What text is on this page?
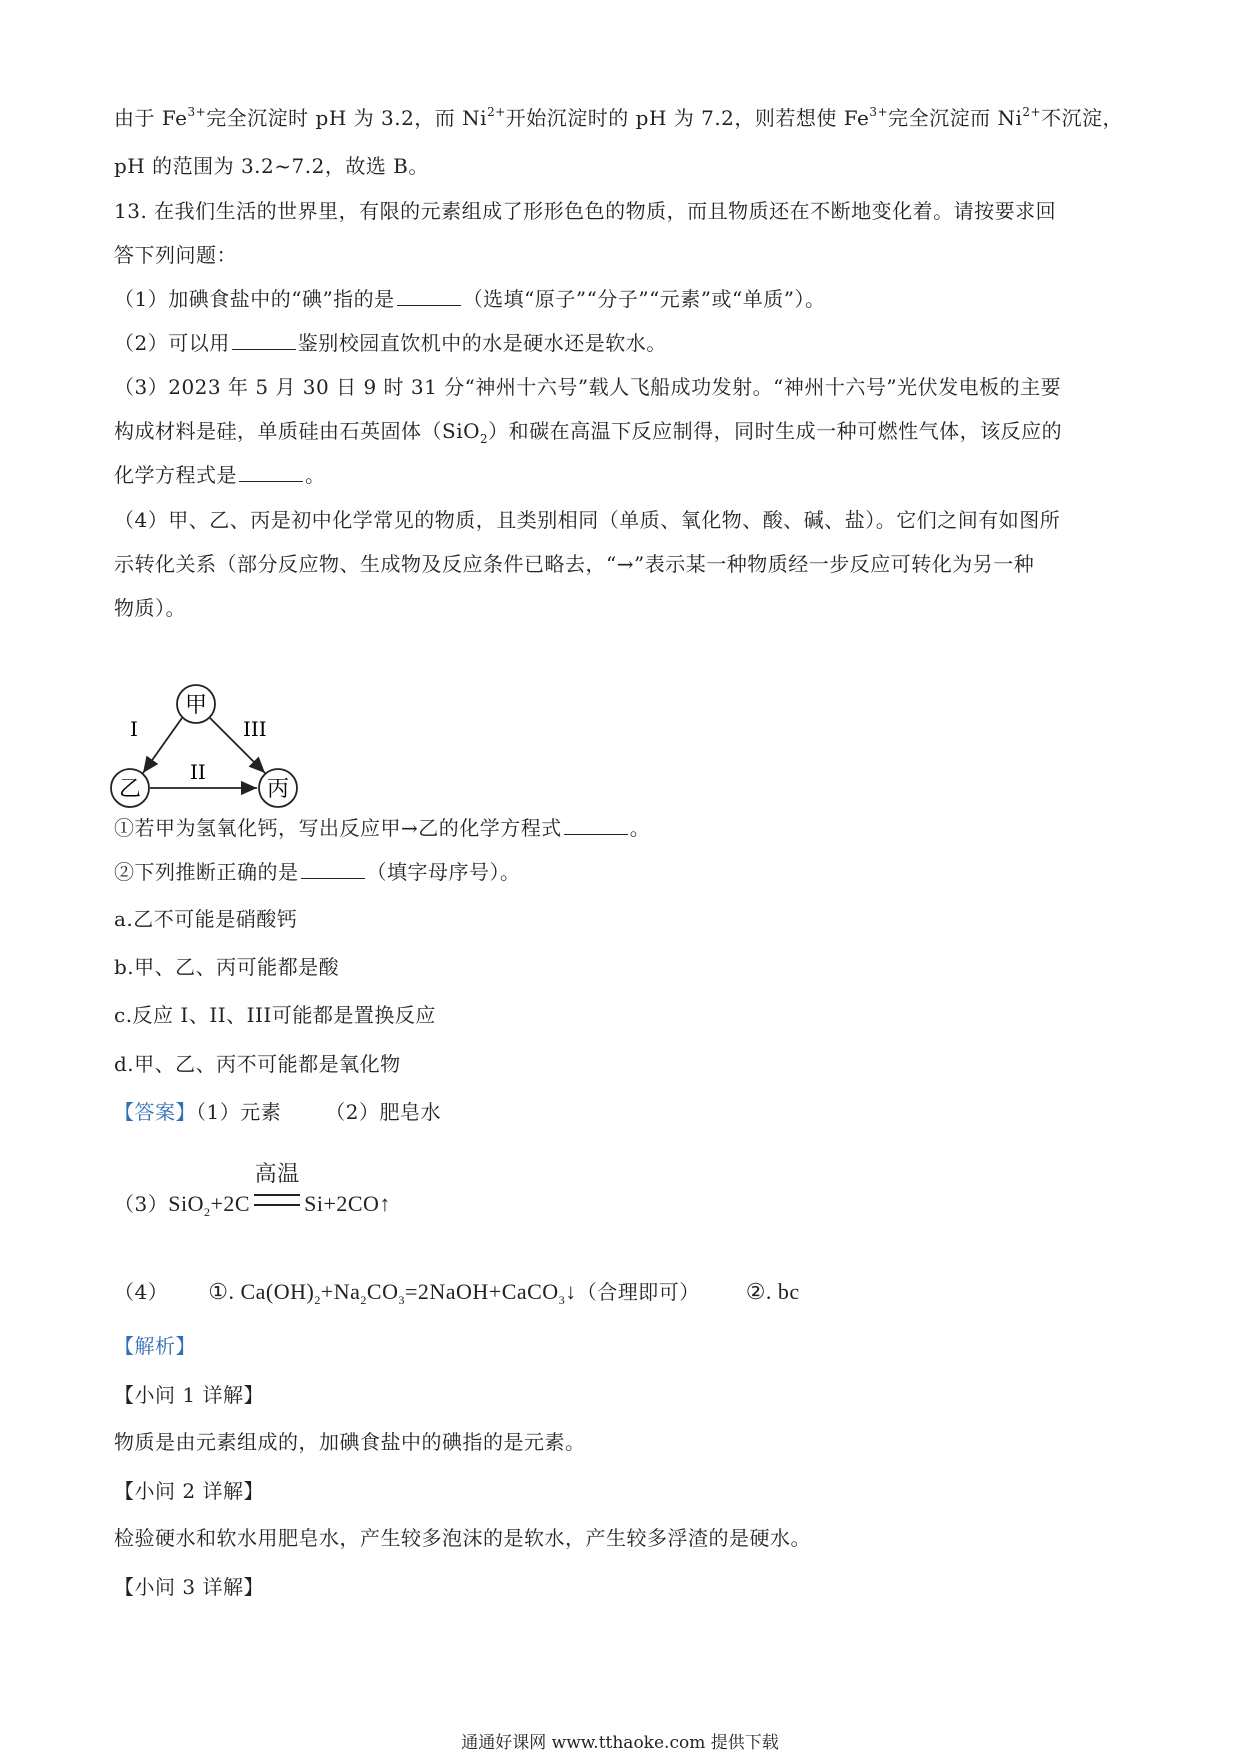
由于 $Fe^{3+}$完全沉淀时 pH 为 3.2，而 $Ni^{2+}$开始沉淀时的 pH 为 7.2，则若想使 $Fe^{3+}$完全沉淀而 $Ni^{2+}$不沉淀，
pH 的范围为 3.2~7.2，故选 B。
13. 在我们生活的世界里，有限的元素组成了形形色色的物质，而且物质还在不断地变化着。请按要求回
答下列问题：
（1）加碘食盐中的“碘”指的是	（选填“原子”“分子”“元素”或“单质”）。
（2）可以用	鉴别校园直饮机中的水是硬水还是软水。
（3）2023 年 5 月 30 日 9 时 31 分“神州十六号”载人飞船成功发射。“神州十六号”光伏发电板的主要
构成材料是硅，单质硅由石英固体（SiO$_2$）和碳在高温下反应制得，同时生成一种可燃性气体，该反应的
化学方程式是	。
（4）甲、乙、丙是初中化学常见的物质，且类别相同（单质、氧化物、酸、碱、盐）。它们之间有如图所
示转化关系（部分反应物、生成物及反应条件已略去，“→”表示某一种物质经一步反应可转化为另一种
物质）。
甲
乙	丙
I
II
III
①若甲为氢氧化钙，写出反应甲→乙的化学方程式	。
②下列推断正确的是	（填字母序号）。
a.乙不可能是硝酸钙
b.甲、乙、丙可能都是酸
c.反应 I、II、III可能都是置换反应
d.甲、乙、丙不可能都是氧化物
【答案】（1）元素 （2）肥皂水
（3）SiO$_2$+2C
高温
Si+2CO↑
（4） ①. $Ca(OH)_2+Na_2CO_3=2NaOH+CaCO_3↓$（合理即可） ②. bc
【解析】
【小问 1 详解】
物质是由元素组成的，加碘食盐中的碘指的是元素。
【小问 2 详解】
检验硬水和软水用肥皂水，产生较多泡沫的是软水，产生较多浮渣的是硬水。
【小问 3 详解】
通通好课网 www.tthaoke.com 提供下载
